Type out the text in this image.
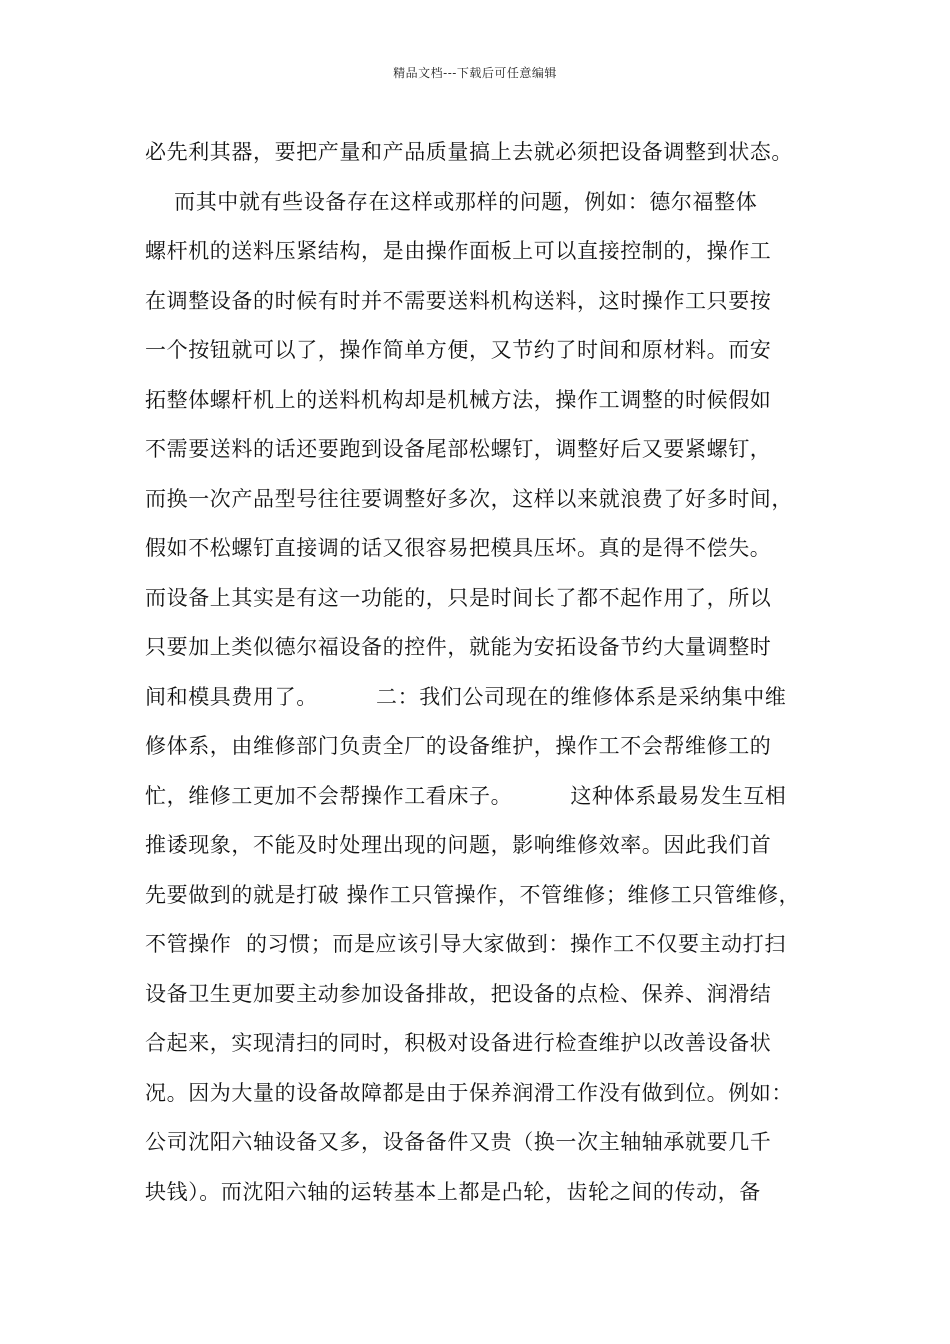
精品文档---下载后可任意编辑
必先利其器，要把产量和产品质量搞上去就必须把设备调整到状态。
而其中就有些设备存在这样或那样的问题，例如：德尔福整体
螺杆机的送料压紧结构，是由操作面板上可以直接控制的，操作工
在调整设备的时候有时并不需要送料机构送料，这时操作工只要按
一个按钮就可以了，操作简单方便，又节约了时间和原材料。而安
拓整体螺杆机上的送料机构却是机械方法，操作工调整的时候假如
不需要送料的话还要跑到设备尾部松螺钉，调整好后又要紧螺钉，
而换一次产品型号往往要调整好多次，这样以来就浪费了好多时间，
假如不松螺钉直接调的话又很容易把模具压坏。真的是得不偿失。
而设备上其实是有这一功能的，只是时间长了都不起作用了，所以
只要加上类似德尔福设备的控件，就能为安拓设备节约大量调整时
间和模具费用了。        二：我们公司现在的维修体系是采纳集中维
修体系，由维修部门负责全厂的设备维护，操作工不会帮维修工的
忙，维修工更加不会帮操作工看床子。        这种体系最易发生互相
推诿现象，不能及时处理出现的问题，影响维修效率。因此我们首
先要做到的就是打破 操作工只管操作，不管维修；维修工只管维修，
不管操作  的习惯；而是应该引导大家做到：操作工不仅要主动打扫
设备卫生更加要主动参加设备排故，把设备的点检、保养、润滑结
合起来，实现清扫的同时，积极对设备进行检查维护以改善设备状
况。因为大量的设备故障都是由于保养润滑工作没有做到位。例如：
公司沈阳六轴设备又多，设备备件又贵（换一次主轴轴承就要几千
块钱）。而沈阳六轴的运转基本上都是凸轮，齿轮之间的传动，备
